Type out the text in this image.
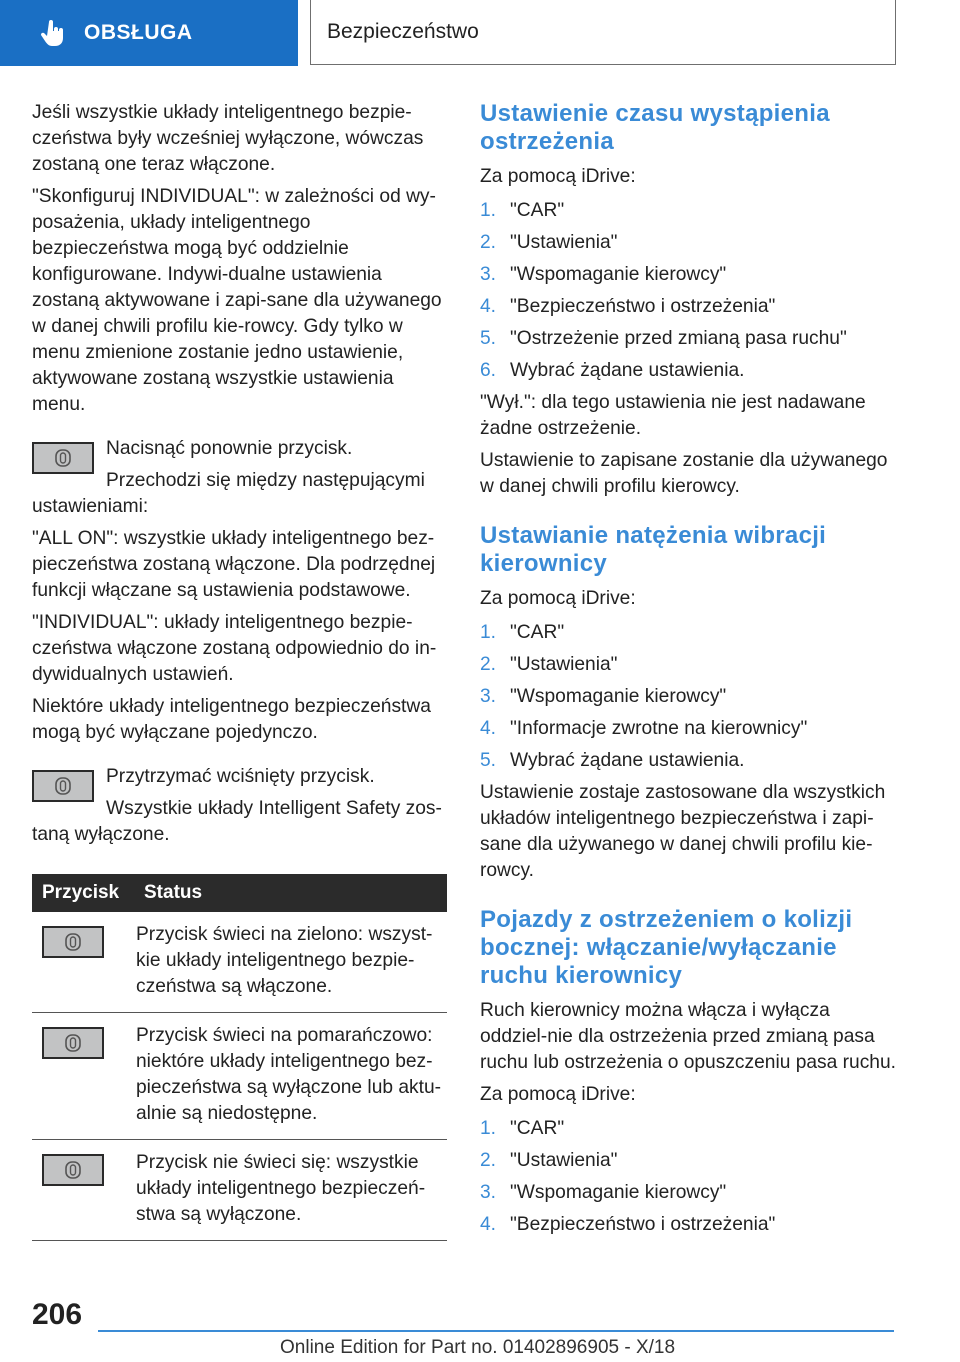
OBSŁUGA	Bezpieczeństwo

Jeśli wszystkie układy inteligentnego bezpie-czeństwa były wcześniej wyłączone, wówczas zostaną one teraz włączone.

"Skonfiguruj INDIVIDUAL": w zależności od wy-posażenia, układy inteligentnego bezpieczeństwa mogą być oddzielnie konfigurowane. Indywi-dualne ustawienia zostaną aktywowane i zapi-sane dla używanego w danej chwili profilu kie-rowcy. Gdy tylko w menu zmienione zostanie jedno ustawienie, aktywowane zostaną wszystkie ustawienia menu.

Nacisnąć ponownie przycisk.

Przechodzi się między następującymi ustawieniami:

"ALL ON": wszystkie układy inteligentnego bez-pieczeństwa zostaną włączone. Dla podrzędnej funkcji włączane są ustawienia podstawowe.

"INDIVIDUAL": układy inteligentnego bezpie-czeństwa włączone zostaną odpowiednio do in-dywidualnych ustawień.

Niektóre układy inteligentnego bezpieczeństwa mogą być wyłączane pojedynczo.

Przytrzymać wciśnięty przycisk.

Wszystkie układy Intelligent Safety zos-taną wyłączone.

Przycisk	Status

	Przycisk świeci na zielono: wszyst-kie układy inteligentnego bezpie-czeństwa są włączone.

	Przycisk świeci na pomarańczowo: niektóre układy inteligentnego bez-pieczeństwa są wyłączone lub aktu-alnie są niedostępne.

	Przycisk nie świeci się: wszystkie układy inteligentnego bezpieczeń-stwa są wyłączone.
Ustawienie czasu wystąpienia ostrzeżenia

Za pomocą iDrive:

1. "CAR"
2. "Ustawienia"
3. "Wspomaganie kierowcy"
4. "Bezpieczeństwo i ostrzeżenia"
5. "Ostrzeżenie przed zmianą pasa ruchu"
6. Wybrać żądane ustawienia.

"Wył.": dla tego ustawienia nie jest nadawane żadne ostrzeżenie.

Ustawienie to zapisane zostanie dla używanego w danej chwili profilu kierowcy.

Ustawianie natężenia wibracji kierownicy

Za pomocą iDrive:

1. "CAR"
2. "Ustawienia"
3. "Wspomaganie kierowcy"
4. "Informacje zwrotne na kierownicy"
5. Wybrać żądane ustawienia.

Ustawienie zostaje zastosowane dla wszystkich układów inteligentnego bezpieczeństwa i zapi-sane dla używanego w danej chwili profilu kie-rowcy.

Pojazdy z ostrzeżeniem o kolizji bocznej: włączanie/wyłączanie ruchu kierownicy

Ruch kierownicy można włącza i wyłącza oddziel-nie dla ostrzeżenia przed zmianą pasa ruchu lub ostrzeżenia o opuszczeniu pasa ruchu.

Za pomocą iDrive:

1. "CAR"
2. "Ustawienia"
3. "Wspomaganie kierowcy"
4. "Bezpieczeństwo i ostrzeżenia"
206
Online Edition for Part no. 01402896905 - X/18
